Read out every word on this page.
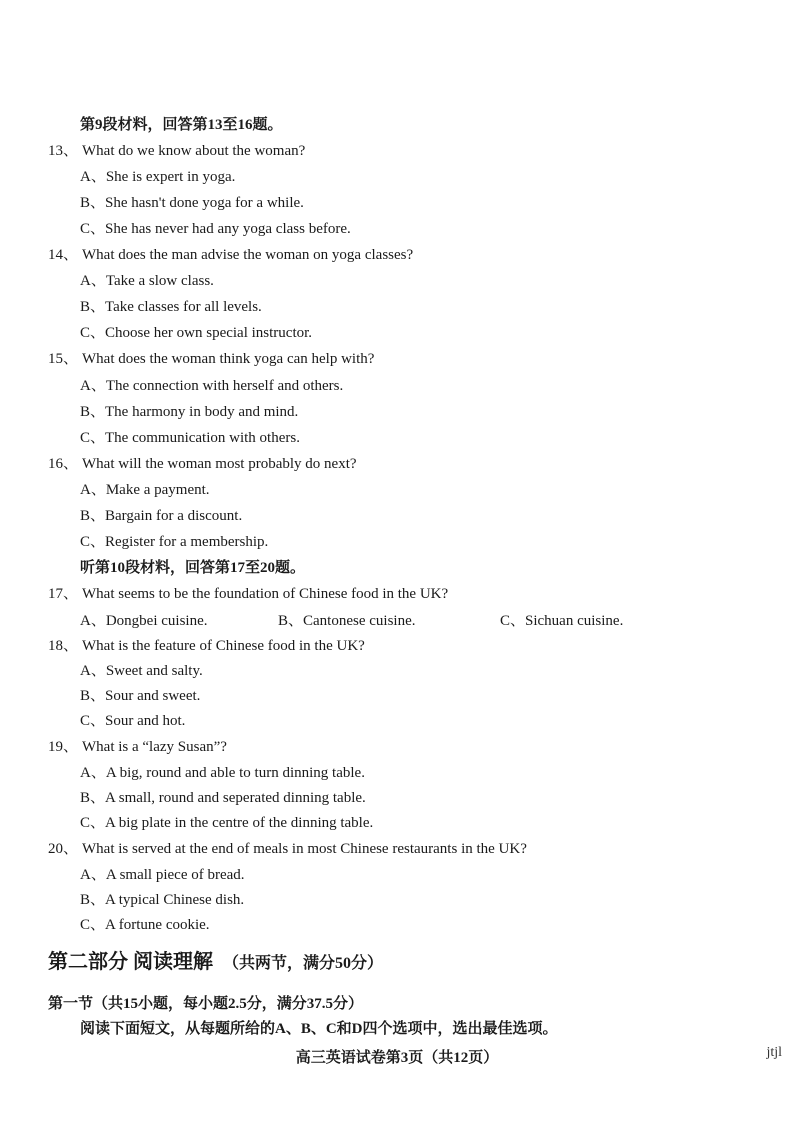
第9段材料，回答第13至16题。
13、 What do we know about the woman?
A、She is expert in yoga.
B、She hasn't done yoga for a while.
C、She has never had any yoga class before.
14、 What does the man advise the woman on yoga classes?
A、Take a slow class.
B、Take classes for all levels.
C、Choose her own special instructor.
15、 What does the woman think yoga can help with?
A、The connection with herself and others.
B、The harmony in body and mind.
C、The communication with others.
16、 What will the woman most probably do next?
A、Make a payment.
B、Bargain for a discount.
C、Register for a membership.
听第10段材料，回答第17至20题。
17、 What seems to be the foundation of Chinese food in the UK?
A、Dongbei cuisine.	B、Cantonese cuisine.	C、Sichuan cuisine.
18、 What is the feature of Chinese food in the UK?
A、Sweet and salty.
B、Sour and sweet.
C、Sour and hot.
19、 What is a “lazy Susan”?
A、A big, round and able to turn dinning table.
B、A small, round and seperated dinning table.
C、A big plate in the centre of the dinning table.
20、 What is served at the end of meals in most Chinese restaurants in the UK?
A、A small piece of bread.
B、A typical Chinese dish.
C、A fortune cookie.
第二部分 阅读理解 （共两节，满分50分）
第一节（共15小题，每小题2.5分，满分37.5分）
阅读下面短文，从每题所给的A、B、C和D四个选项中，选出最佳选项。
高三英语试卷第3页（共12页）	jtjl
